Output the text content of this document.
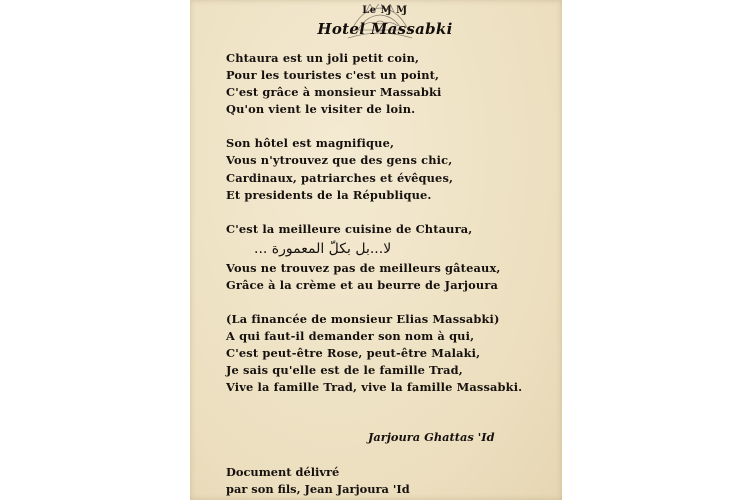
Le Ɱ Ɱ
Hotel Massabki
Chtaura est un joli petit coin,
Pour les touristes c'est un point,
C'est grâce à monsieur Massabki
Qu'on vient le visiter de loin.
Son hôtel est magnifique,
Vous n'ytrouvez que des gens chic,
Cardinaux, patriarches et évêques,
Et presidents de la République.
C'est la meilleure cuisine de Chtaura,
لا...بل بكلّ المعمورة ...
Vous ne trouvez pas de meilleurs gâteaux,
Grâce à la crème et au beurre de Jarjoura
(La financée de monsieur Elias Massabki)
A qui faut-il demander son nom à qui,
C'est peut-être Rose, peut-être Malaki,
Je sais qu'elle est de le famille Trad,
Vive la famille Trad, vive la famille Massabki.
Jarjoura Ghattas 'Id
Document délivré
par son fils, Jean Jarjoura 'Id
